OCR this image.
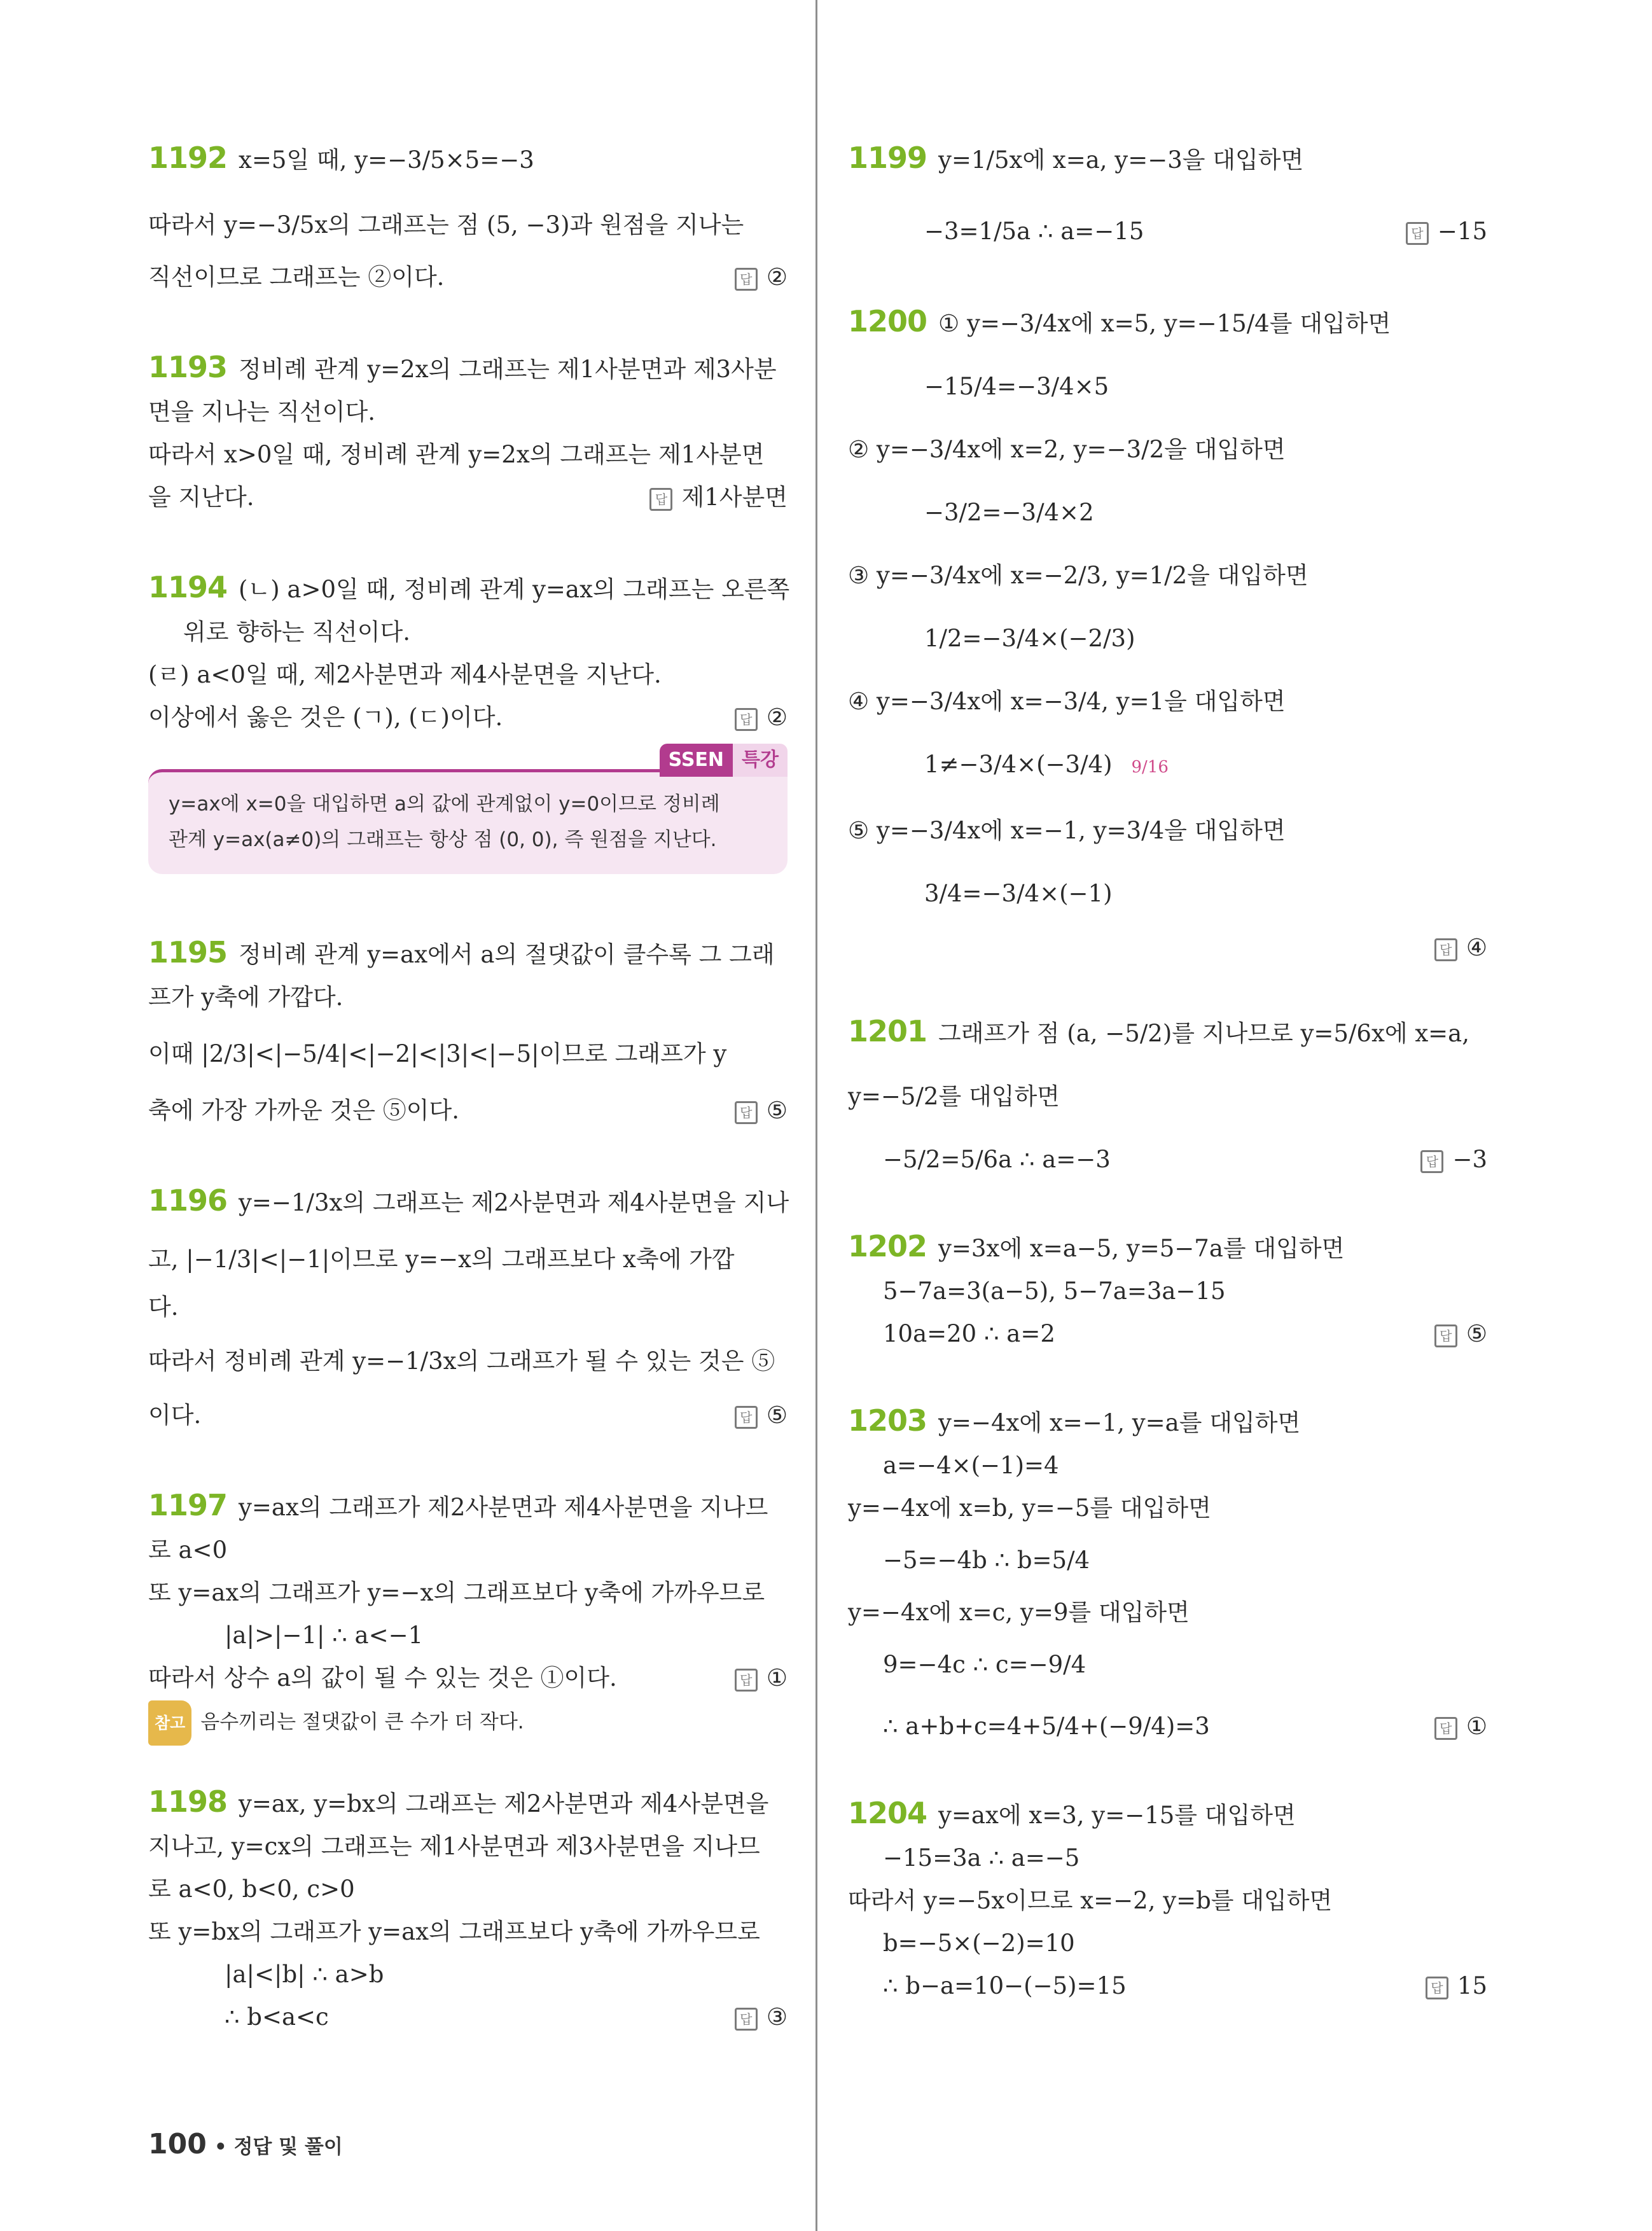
1192 x=5일 때, y=−3/5×5=−3
따라서 y=−3/5x의 그래프는 점 (5, −3)과 원점을 지나는
직선이므로 그래프는 ②이다.	답 ②
1193 정비례 관계 y=2x의 그래프는 제1사분면과 제3사분
면을 지나는 직선이다.
따라서 x>0일 때, 정비례 관계 y=2x의 그래프는 제1사분면
을 지난다.	답 제1사분면
1194 (ㄴ) a>0일 때, 정비례 관계 y=ax의 그래프는 오른쪽
위로 향하는 직선이다.
(ㄹ) a<0일 때, 제2사분면과 제4사분면을 지난다.
이상에서 옳은 것은 (ㄱ), (ㄷ)이다.	답 ②
SSEN 특강
y=ax에 x=0을 대입하면 a의 값에 관계없이 y=0이므로 정비례
관계 y=ax(a≠0)의 그래프는 항상 점 (0, 0), 즉 원점을 지난다.
1195 정비례 관계 y=ax에서 a의 절댓값이 클수록 그 그래
프가 y축에 가깝다.
이때 |2/3|<|−5/4|<|−2|<|3|<|−5|이므로 그래프가 y
축에 가장 가까운 것은 ⑤이다.	답 ⑤
1196 y=−1/3x의 그래프는 제2사분면과 제4사분면을 지나
고, |−1/3|<|−1|이므로 y=−x의 그래프보다 x축에 가깝
다.
따라서 정비례 관계 y=−1/3x의 그래프가 될 수 있는 것은 ⑤
이다.	답 ⑤
1197 y=ax의 그래프가 제2사분면과 제4사분면을 지나므
로 a<0
또 y=ax의 그래프가 y=−x의 그래프보다 y축에 가까우므로
|a|>|−1| ∴ a<−1
따라서 상수 a의 값이 될 수 있는 것은 ①이다.	답 ①
참고 음수끼리는 절댓값이 큰 수가 더 작다.
1198 y=ax, y=bx의 그래프는 제2사분면과 제4사분면을
지나고, y=cx의 그래프는 제1사분면과 제3사분면을 지나므
로 a<0, b<0, c>0
또 y=bx의 그래프가 y=ax의 그래프보다 y축에 가까우므로
|a|<|b| ∴ a>b
∴ b<a<c	답 ③
1199 y=1/5x에 x=a, y=−3을 대입하면
−3=1/5a ∴ a=−15	답 −15
1200 ① y=−3/4x에 x=5, y=−15/4를 대입하면
−15/4=−3/4×5
② y=−3/4x에 x=2, y=−3/2을 대입하면
−3/2=−3/4×2
③ y=−3/4x에 x=−2/3, y=1/2을 대입하면
1/2=−3/4×(−2/3)
④ y=−3/4x에 x=−3/4, y=1을 대입하면
1≠−3/4×(−3/4) 9/16
⑤ y=−3/4x에 x=−1, y=3/4을 대입하면
3/4=−3/4×(−1)

답 ④
1201 그래프가 점 (a, −5/2)를 지나므로 y=5/6x에 x=a,
y=−5/2를 대입하면
−5/2=5/6a ∴ a=−3	답 −3
1202 y=3x에 x=a−5, y=5−7a를 대입하면
5−7a=3(a−5), 5−7a=3a−15
10a=20 ∴ a=2	답 ⑤
1203 y=−4x에 x=−1, y=a를 대입하면
a=−4×(−1)=4
y=−4x에 x=b, y=−5를 대입하면
−5=−4b ∴ b=5/4
y=−4x에 x=c, y=9를 대입하면
9=−4c ∴ c=−9/4
∴ a+b+c=4+5/4+(−9/4)=3	답 ①
1204 y=ax에 x=3, y=−15를 대입하면
−15=3a ∴ a=−5
따라서 y=−5x이므로 x=−2, y=b를 대입하면
b=−5×(−2)=10
∴ b−a=10−(−5)=15	답 15
100 • 정답 및 풀이
